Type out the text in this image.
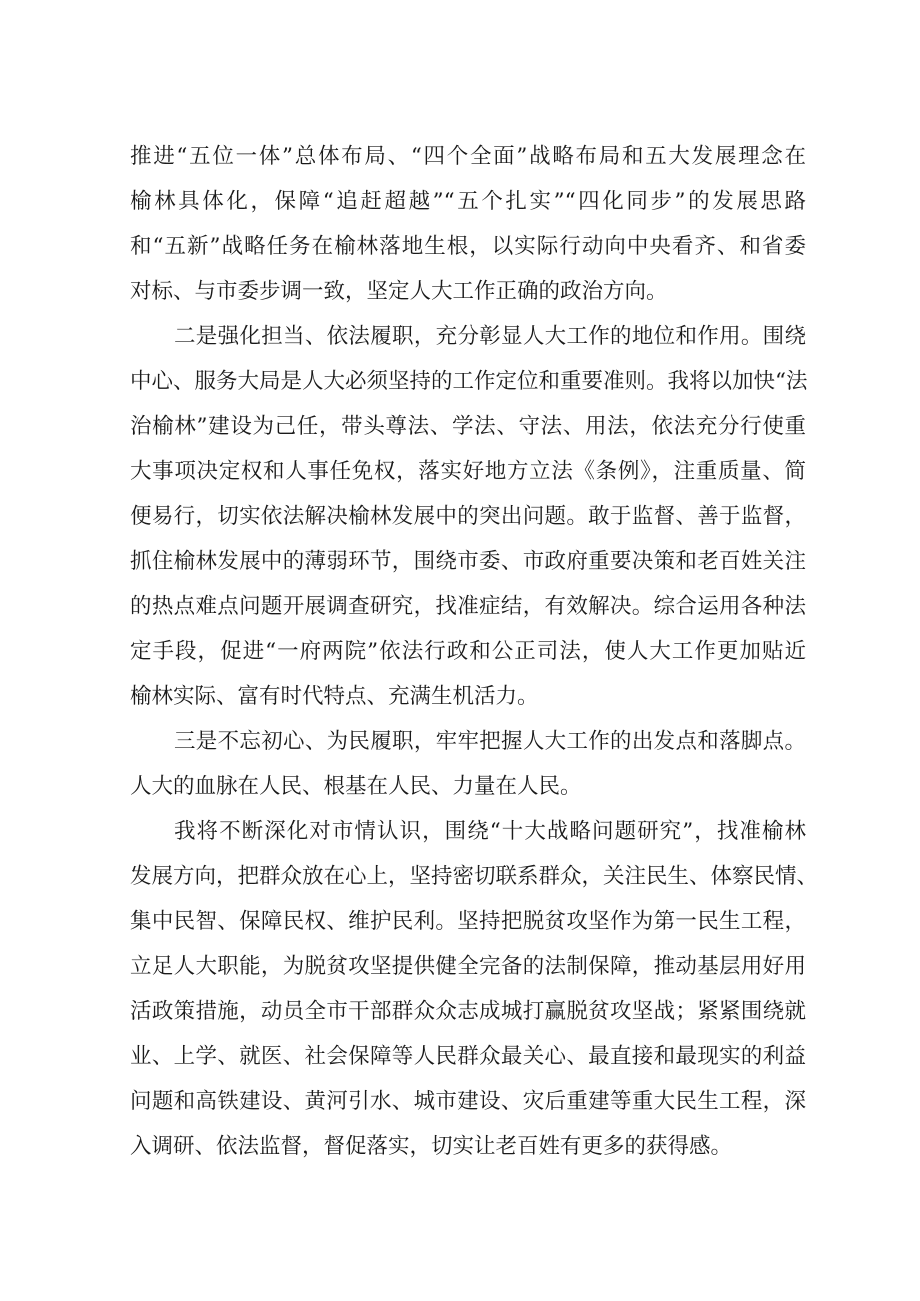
推进“五位一体”总体布局、“四个全面”战略布局和五大发展理念在
榆林具体化，保障“追赶超越”“五个扎实”“四化同步”的发展思路
和“五新”战略任务在榆林落地生根，以实际行动向中央看齐、和省委
对标、与市委步调一致，坚定人大工作正确的政治方向。
二是强化担当、依法履职，充分彰显人大工作的地位和作用。围绕
中心、服务大局是人大必须坚持的工作定位和重要准则。我将以加快“法
治榆林”建设为己任，带头尊法、学法、守法、用法，依法充分行使重
大事项决定权和人事任免权，落实好地方立法《条例》，注重质量、简
便易行，切实依法解决榆林发展中的突出问题。敢于监督、善于监督，
抓住榆林发展中的薄弱环节，围绕市委、市政府重要决策和老百姓关注
的热点难点问题开展调查研究，找准症结，有效解决。综合运用各种法
定手段，促进“一府两院”依法行政和公正司法，使人大工作更加贴近
榆林实际、富有时代特点、充满生机活力。
三是不忘初心、为民履职，牢牢把握人大工作的出发点和落脚点。
人大的血脉在人民、根基在人民、力量在人民。
我将不断深化对市情认识，围绕“十大战略问题研究”，找准榆林
发展方向，把群众放在心上，坚持密切联系群众，关注民生、体察民情、
集中民智、保障民权、维护民利。坚持把脱贫攻坚作为第一民生工程，
立足人大职能，为脱贫攻坚提供健全完备的法制保障，推动基层用好用
活政策措施，动员全市干部群众众志成城打赢脱贫攻坚战；紧紧围绕就
业、上学、就医、社会保障等人民群众最关心、最直接和最现实的利益
问题和高铁建设、黄河引水、城市建设、灾后重建等重大民生工程，深
入调研、依法监督，督促落实，切实让老百姓有更多的获得感。
